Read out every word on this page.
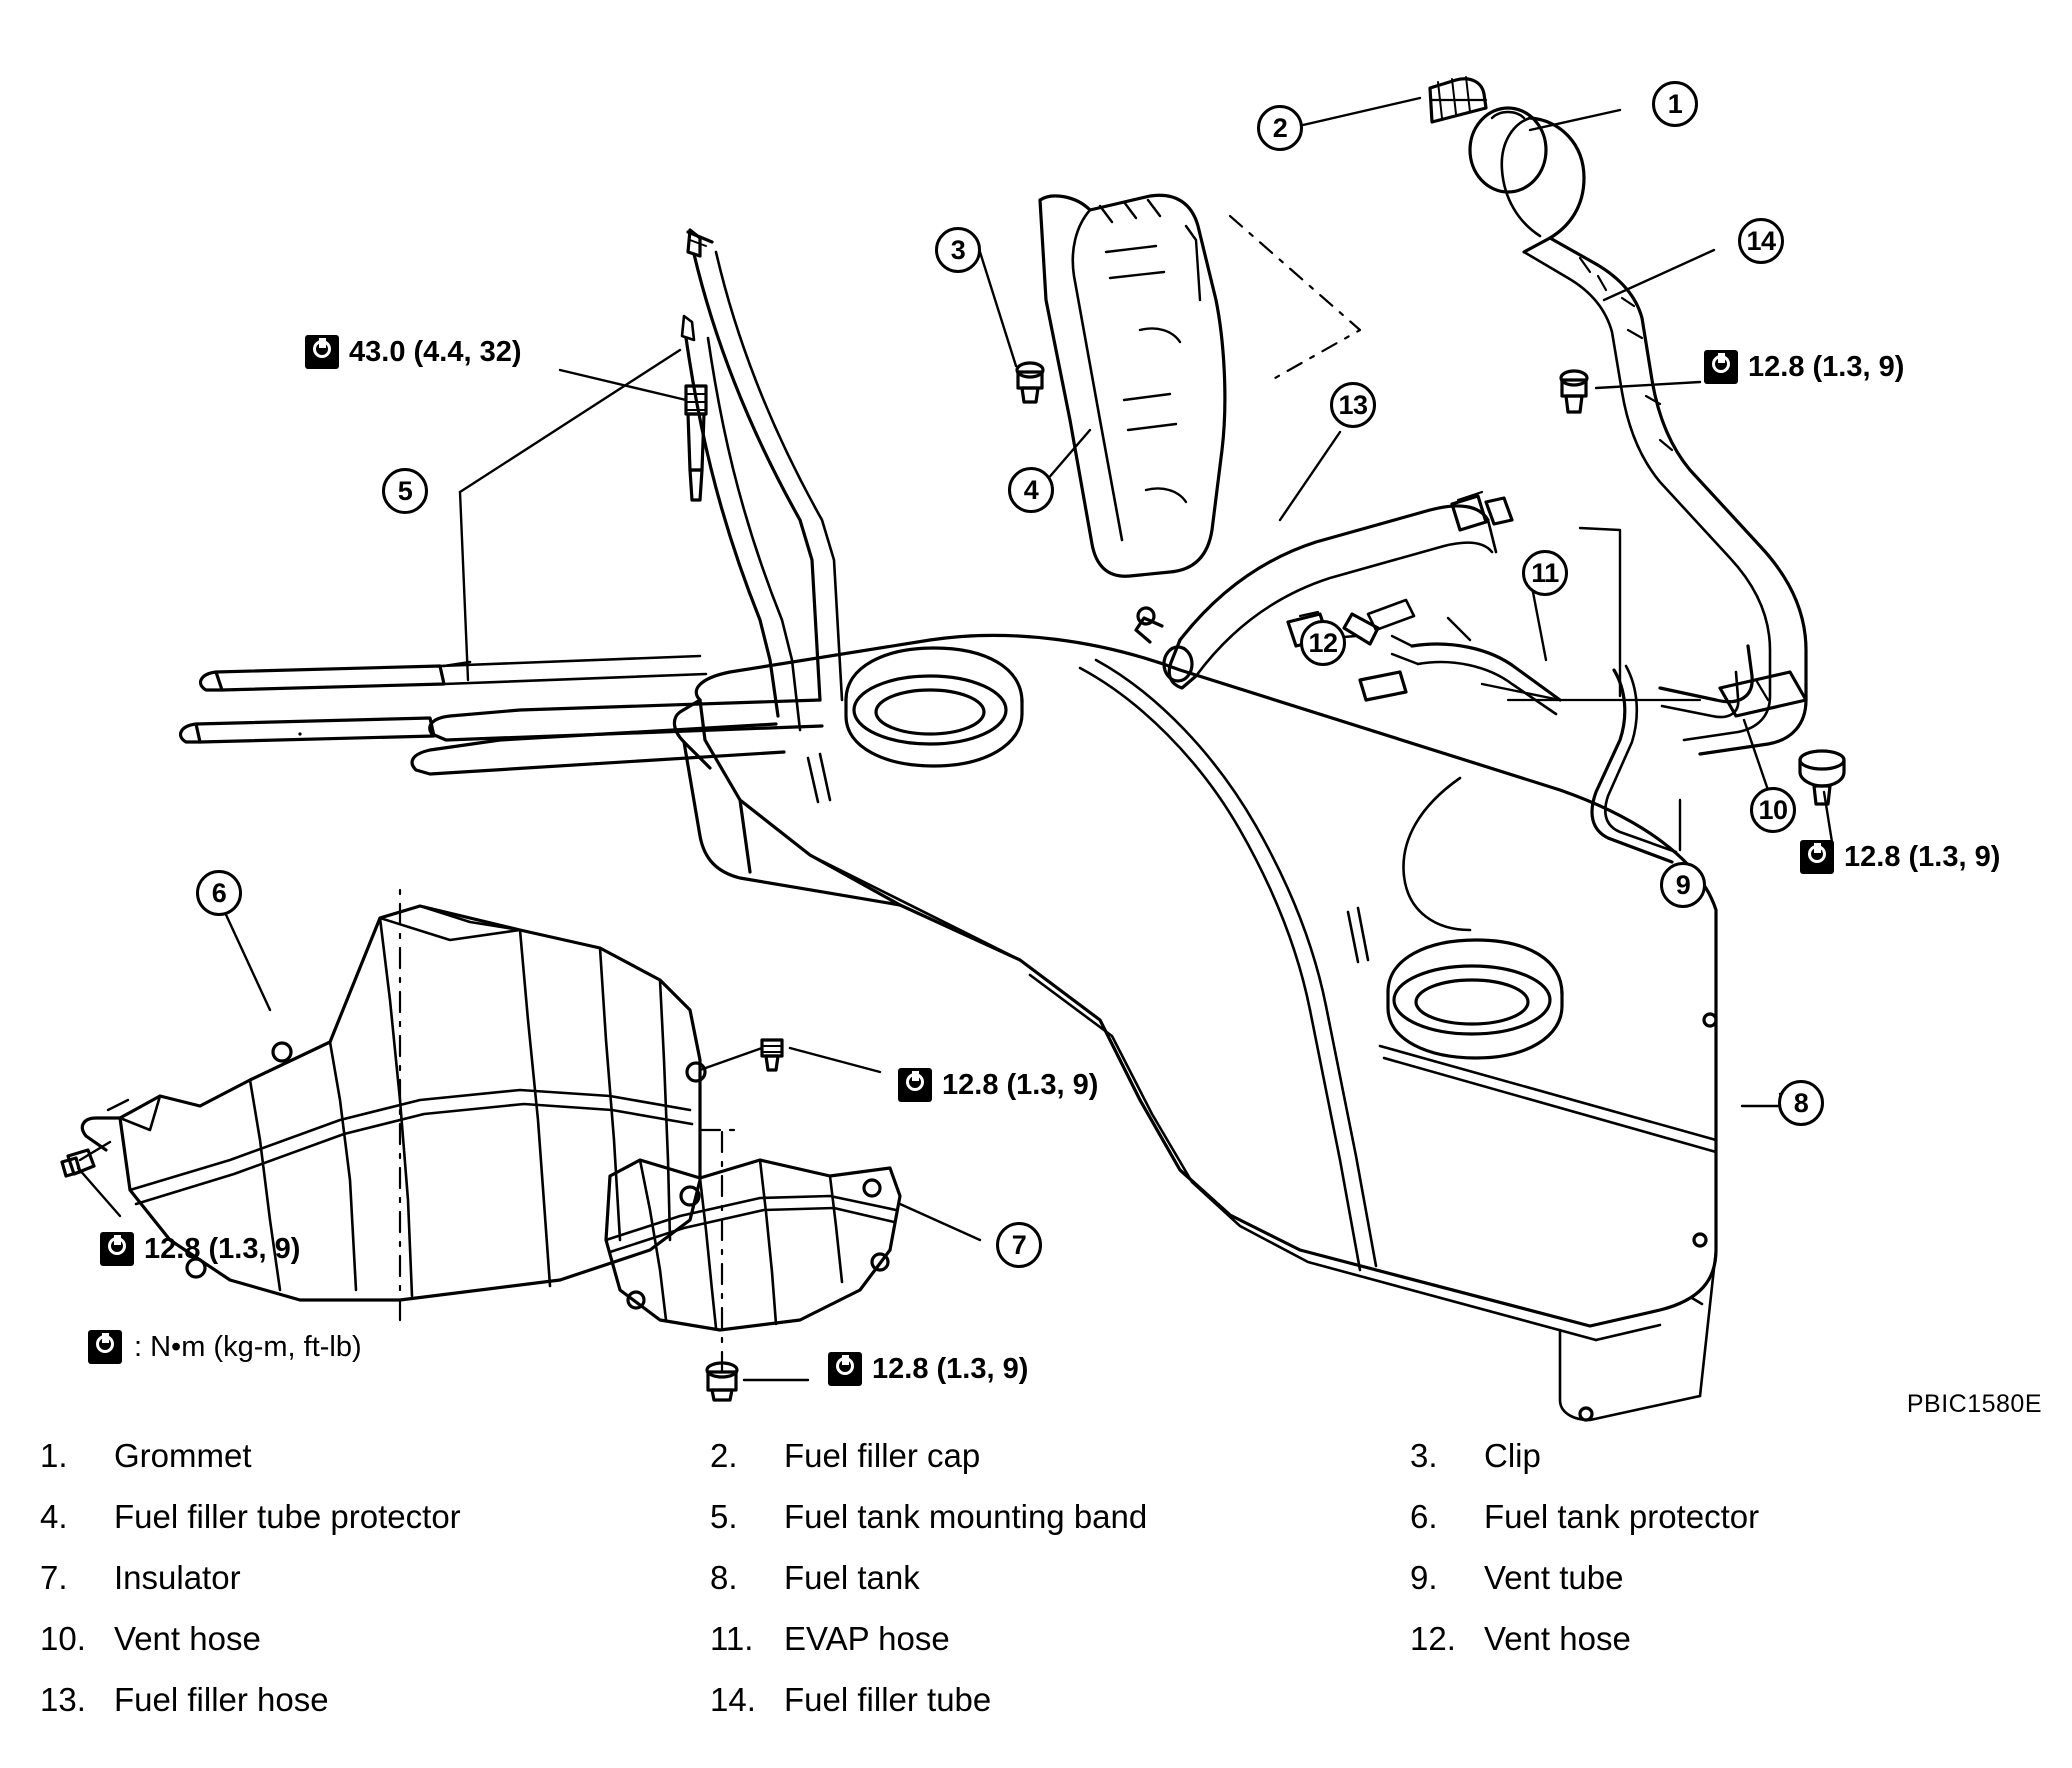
1
2
3
4
5
6
7
8
9
10
11
12
13
14
43.0 (4.4, 32)	12.8 (1.3, 9)
12.8 (1.3, 9)
12.8 (1.3, 9)
12.8 (1.3, 9)
12.8 (1.3, 9)
: N•m (kg-m, ft-lb)
PBIC1580E
1.	Grommet	2.	Fuel filler cap	3.	Clip
4.	Fuel filler tube protector	5.	Fuel tank mounting band	6.	Fuel tank protector
7.	Insulator	8.	Fuel tank	9.	Vent tube
10. Vent hose	11. EVAP hose	12. Vent hose
13. Fuel filler hose	14. Fuel filler tube
